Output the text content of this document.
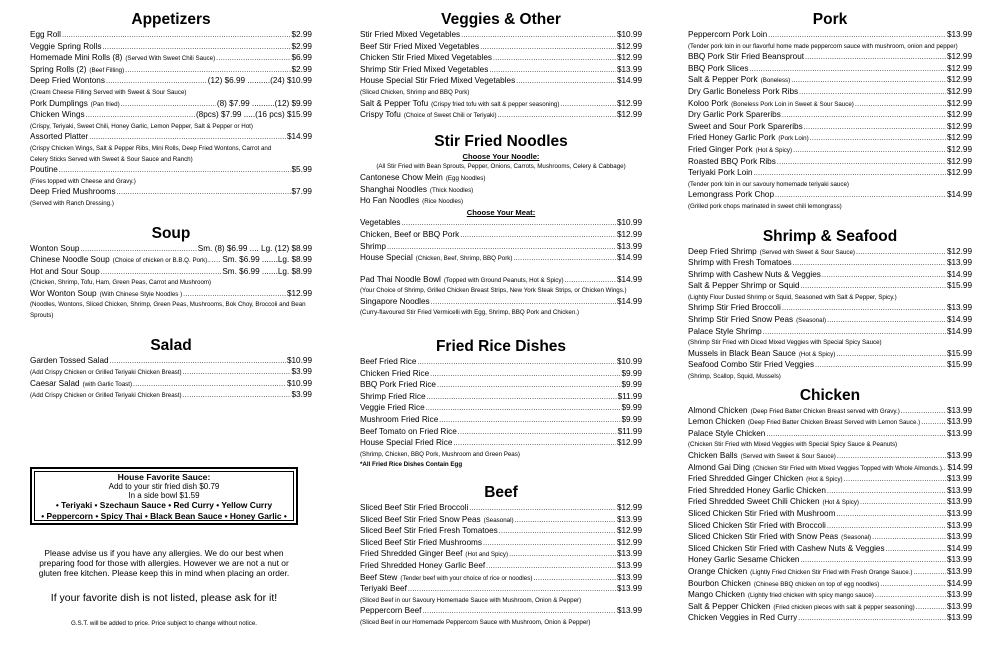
Appetizers
Egg Roll .....	$2.99
Veggie Spring Rolls .....	$2.99
Homemade Mini Rolls (8) (Served With Sweet Chili Sauce) .....	$6.99
Spring Rolls (2) (Beef Filling) .....	$2.99
Deep Fried Wontons .....	(12) $6.99 ..........(24) $10.99
(Cream Cheese Filling Served with Sweet & Sour Sauce)
Pork Dumplings (Pan fried) .....	(8) $7.99 ..........(12) $9.99
Chicken Wings .....	(8pcs) $7.99 .....(16 pcs) $15.99
(Crispy, Teriyaki, Sweet Chili, Honey Garlic, Lemon Pepper, Salt & Pepper or Hot)
Assorted Platter .....	$14.99
(Crispy Chicken Wings, Salt & Pepper Ribs, Mini Rolls, Deep Fried Wontons, Carrot and
Celery Sticks Served with Sweet & Sour Sauce and Ranch)
Poutine .....	$5.99
(Fries topped with Cheese and Gravy.)
Deep Fried Mushrooms .....	$7.99
(Served with Ranch Dressing.)
Soup
Wonton Soup .....	Sm. (8) $6.99 .... Lg. (12) $8.99
Chinese Noodle Soup (Choice of chicken or B.B.Q. Pork).. ..... Sm. $6.99 .......Lg. $8.99
Hot and Sour Soup .....	Sm. $6.99 .......Lg. $8.99
(Chicken, Shrimp, Tofu, Ham, Green Peas, Carrot and Mushroom)
Wor Wonton Soup (With Chinese Style Noodles ) .....	$12.99
(Noodles, Wontons, Sliced Chicken, Shrimp, Green Peas, Mushrooms, Bok Choy, Broccoli and Bean
Sprouts)
Salad
Garden Tossed Salad .....	$10.99
(Add Crispy Chicken or Grilled Teriyaki Chicken Breast) .....	$3.99
Caesar Salad (with Garlic Toast) .....	$10.99
(Add Crispy Chicken or Grilled Teriyaki Chicken Breast) .....	$3.99
House Favorite Sauce:
Add to your stir fried dish $0.79
In a side bowl $1.59
• Teriyaki • Szechaun Sauce • Red Curry • Yellow Curry
• Peppercorn • Spicy Thai • Black Bean Sauce • Honey Garlic •
Please advise us if you have any allergies. We do our best when preparing food for those with allergies. However we are not a nut or gluten free kitchen. Please keep this in mind when placing an order.
If your favorite dish is not listed, please ask for it!
G.S.T. will be added to price. Price subject to change without notice.
Veggies & Other
Stir Fried Mixed Vegetables .....	$10.99
Beef Stir Fried Mixed Vegetables .....	$12.99
Chicken Stir Fried Mixed Vegetables .....	$12.99
Shrimp Stir Fried Mixed Vegetables .....	$13.99
House Special Stir Fried Mixed Vegetables .....	$14.99
(Sliced Chicken, Shrimp and BBQ Pork)
Salt & Pepper Tofu (Crispy fried tofu with salt & pepper seasoning) .....	$12.99
Crispy Tofu (Choice of Sweet Chili or Teriyaki) .....	$12.99
Stir Fried Noodles
Choose Your Noodle:
(All Stir Fried with Bean Sprouts, Pepper, Onions, Carrots, Mushrooms, Celery & Cabbage)
Cantonese Chow Mein (Egg Noodles)
Shanghai Noodles (Thick Noodles)
Ho Fan Noodles (Rice Noodles)
Choose Your Meat:
Vegetables .....	$10.99
Chicken, Beef or BBQ Pork .....	$12.99
Shrimp .....	$13.99
House Special (Chicken, Beef, Shrimp, BBQ Pork) .....	$14.99
Pad Thai Noodle Bowl (Topped with Ground Peanuts, Hot & Spicy) .....	$14.99
(Your Choice of Shrimp, Grilled Chicken Breast Strips, New York Steak Strips, or Chicken Wings.)
Singapore Noodles .....	$14.99
(Curry-flavoured Stir Fried Vermicelli with Egg, Shrimp, BBQ Pork and Chicken.)
Fried Rice Dishes
Beef Fried Rice .....	$10.99
Chicken Fried Rice .....	$9.99
BBQ Pork Fried Rice .....	$9.99
Shrimp Fried Rice .....	$11.99
Veggie Fried Rice .....	$9.99
Mushroom Fried Rice .....	$9.99
Beef Tomato on Fried Rice .....	$11.99
House Special Fried Rice .....	$12.99
(Shrimp, Chicken, BBQ Pork, Mushroom and Green Peas)
*All Fried Rice Dishes Contain Egg
Beef
Sliced Beef Stir Fried Broccoli .....	$12.99
Sliced Beef Stir Fried Snow Peas (Seasonal) .....	$13.99
Sliced Beef Stir Fried Fresh Tomatoes .....	$12.99
Sliced Beef Stir Fried Mushrooms .....	$12.99
Fried Shredded Ginger Beef (Hot and Spicy) .....	$13.99
Fried Shredded Honey Garlic Beef .....	$13.99
Beef Stew (Tender beef with your choice of rice or noodles) .....	$13.99
Teriyaki Beef .....	$13.99
(Sliced Beef in our Savoury Homemade Sauce with Mushroom, Onion & Pepper)
Peppercorn Beef .....	$13.99
(Sliced Beef in our Homemade Peppercorn Sauce with Mushroom, Onion & Pepper)
Pork
Peppercorn Pork Loin .....	$13.99
(Tender pork loin in our flavorful home made peppercorn sauce with mushroom, onion and pepper)
BBQ Pork Stir Fried Beansprout .....	$12.99
BBQ Pork Slices .....	$12.99
Salt & Pepper Pork (Boneless) .....	$12.99
Dry Garlic Boneless Pork Ribs .....	$12.99
Koloo Pork (Boneless Pork Loin in Sweet & Sour Sauce) .....	$12.99
Dry Garlic Pork Spareribs .....	$12.99
Sweet and Sour Pork Spareribs .....	$12.99
Fried Honey Garlic Pork (Pork Loin) .....	$12.99
Fried Ginger Pork (Hot & Spicy) .....	$12.99
Roasted BBQ Pork Ribs .....	$12.99
Teriyaki Pork Loin .....	$12.99
(Tender pork loin in our savoury homemade teriyaki sauce)
Lemongrass Pork Chop .....	$14.99
(Grilled pork chops marinated in sweet chili lemongrass)
Shrimp & Seafood
Deep Fried Shrimp (Served with Sweet & Sour Sauce) .....	$12.99
Shrimp with Fresh Tomatoes .....	$13.99
Shrimp with Cashew Nuts & Veggies .....	$14.99
Salt & Pepper Shrimp or Squid .....	$15.99
(Lightly Flour Dusted Shrimp or Squid, Seasoned with Salt & Pepper, Spicy.)
Shrimp Stir Fried Broccoli .....	$13.99
Shrimp Stir Fried Snow Peas (Seasonal) .....	$14.99
Palace Style Shrimp .....	$14.99
(Shrimp Stir Fried with Diced Mixed Veggies with Special Spicy Sauce)
Mussels in Black Bean Sauce (Hot & Spicy) .....	$15.99
Seafood Combo Stir Fried Veggies .....	$15.99
(Shrimp, Scallop, Squid, Mussels)
Chicken
Almond Chicken (Deep Fried Batter Chicken Breast served with Gravy.) .....	$13.99
Lemon Chicken (Deep Fried Batter Chicken Breast Served with Lemon Sauce.) .....	$13.99
Palace Style Chicken .....	$13.99
(Chicken Stir Fried with Mixed Veggies with Special Spicy Sauce & Peanuts)
Chicken Balls (Served with Sweet & Sour Sauce) .....	$13.99
Almond Gai Ding (Chicken Stir Fried with Mixed Veggies Topped with Whole Almonds.).. $14.99
Fried Shredded Ginger Chicken (Hot & Spicy) .....	$13.99
Fried Shredded Honey Garlic Chicken .....	$13.99
Fried Shredded Sweet Chili Chicken (Hot & Spicy) .....	$13.99
Sliced Chicken Stir Fried with Mushroom .....	$13.99
Sliced Chicken Stir Fried with Broccoli .....	$13.99
Sliced Chicken Stir Fried with Snow Peas (Seasonal) .....	$13.99
Sliced Chicken Stir Fried with Cashew Nuts & Veggies .....	$14.99
Honey Garlic Sesame Chicken .....	$13.99
Orange Chicken (Lightly Fried Chicken Stir Fried with Fresh Orange Sauce.) .....	$13.99
Bourbon Chicken (Chinese BBQ chicken on top of egg noodles) .....	$14.99
Mango Chicken (Lightly fried chicken with spicy mango sauce) .....	$13.99
Salt & Pepper Chicken (Fried chicken pieces with salt & pepper seasoning) .....	$13.99
Chicken Veggies in Red Curry .....	$13.99
